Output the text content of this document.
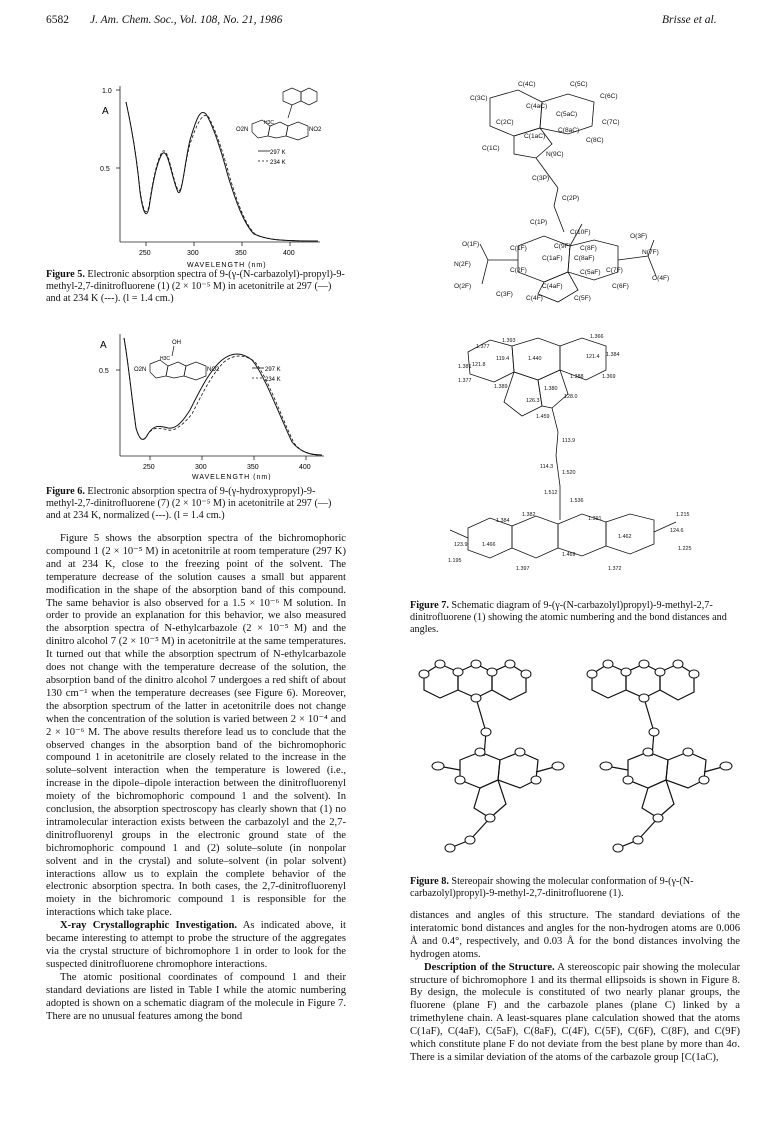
6582 J. Am. Chem. Soc., Vol. 108, No. 21, 1986	Brisse et al.
1.0
A
0.5
250	300	350	400
WAVELENGTH (nm)
297 K
234 K
O2N	NO2
H3C
Figure 5. Electronic absorption spectra of 9-(γ-(N-carbazolyl)-propyl)-9-methyl-2,7-dinitrofluorene (1) (2 × 10⁻⁵ M) in acetonitrile at 297 (—) and at 234 K (---). (l = 1.4 cm.)
A
0.5
250	300	350	400
WAVELENGTH (nm)
297 K
234 K
OH
O2N	NO2
H3C
Figure 6. Electronic absorption spectra of 9-(γ-hydroxypropyl)-9-methyl-2,7-dinitrofluorene (7) (2 × 10⁻⁵ M) in acetonitrile at 297 (—) and at 234 K, normalized (---). (l = 1.4 cm.)

Figure 5 shows the absorption spectra of the bichromophoric compound 1 (2 × 10⁻⁵ M) in acetonitrile at room temperature (297 K) and at 234 K, close to the freezing point of the solvent. The temperature decrease of the solution causes a small but apparent modification in the shape of the absorption band of this compound. The same behavior is also observed for a 1.5 × 10⁻⁶ M solution. In order to provide an explanation for this behavior, we also measured the absorption spectra of N-ethylcarbazole (2 × 10⁻⁵ M) and the dinitro alcohol 7 (2 × 10⁻⁵ M) in acetonitrile at the same temperatures. It turned out that while the absorption spectrum of N-ethylcarbazole does not change with the temperature decrease of the solution, the absorption band of the dinitro alcohol 7 undergoes a red shift of about 130 cm⁻¹ when the temperature decreases (see Figure 6). Moreover, the absorption spectrum of the latter in acetonitrile does not change when the concentration of the solution is varied between 2 × 10⁻⁴ and 2 × 10⁻⁶ M. The above results therefore lead us to conclude that the observed changes in the absorption band of the bichromophoric compound 1 in acetonitrile are closely related to the increase in the solute–solvent interaction when the temperature is lowered (i.e., increase in the dipole–dipole interaction between the dinitrofluorenyl moiety of the bichromophoric compound 1 and the solvent). In conclusion, the absorption spectroscopy has clearly shown that (1) no intramolecular interaction exists between the carbazolyl and the 2,7-dinitrofluorenyl groups in the electronic ground state of the bichromophoric compound 1 and (2) solute–solute (in nonpolar solvent and in the crystal) and solute–solvent (in polar solvent) interactions allow us to explain the complete behavior of the electronic absorption spectra. In both cases, the 2,7-dinitrofluorenyl moiety in the bichromoric compound 1 is responsible for the interactions which take place.

X-ray Crystallographic Investigation. As indicated above, it became interesting to attempt to probe the structure of the aggregates via the crystal structure of bichromophore 1 in order to look for the suspected dinitrofluorene chromophore interactions.

The atomic positional coordinates of compound 1 and their standard deviations are listed in Table I while the atomic numbering adopted is shown on a schematic diagram of the molecule in Figure 7. There are no unusual features among the bond

C(4C)	C(5C)
C(3C)
C(4aC)
C(6C)
C(5aC)
C(2C)
C(8aC)
C(7C)
C(1aC)
C(8C)
C(1C)
N(9C)
C(3P)
C(2P)
C(1P)
C(10F)
O(3F)
O(1F)
C(1F)	C(9F) C(8F)
N(2F)
C(1aF) C(8aF)
N(7F)
C(2F)	C(7F)
O(4F)
C(5aF)
O(2F)	C(4aF)	C(6F)
C(3F)
C(4F)	C(5F)
1.377
1.366
1.381
1.440
1.393
1.384
121.8
119.4	121.4
1.377
1.389
1.369
1.388
1.380
126.3
128.0
1.459
113.9
114.3
1.520
1.512
1.536
1.384
1.462
1.382
1.391
1.466
1.469
1.372
1.397
123.9
124.6
1.215
1.195
1.225
Figure 7. Schematic diagram of 9-(γ-(N-carbazolyl)propyl)-9-methyl-2,7-dinitrofluorene (1) showing the atomic numbering and the bond distances and angles.
Figure 8. Stereopair showing the molecular conformation of 9-(γ-(N-carbazolyl)propyl)-9-methyl-2,7-dinitrofluorene (1).

distances and angles of this structure. The standard deviations of the interatomic bond distances and angles for the non-hydrogen atoms are 0.006 Å and 0.4°, respectively, and 0.03 Å for the bond distances involving the hydrogen atoms.

Description of the Structure. A stereoscopic pair showing the molecular structure of bichromophore 1 and its thermal ellipsoids is shown in Figure 8. By design, the molecule is constituted of two nearly planar groups, the fluorene (plane F) and the carbazole planes (plane C) linked by a trimethylene chain. A least-squares plane calculation showed that the atoms C(1aF), C(4aF), C(5aF), C(8aF), C(4F), C(5F), C(6F), C(8F), and C(9F) which constitute plane F do not deviate from the best plane by more than 4σ. There is a similar deviation of the atoms of the carbazole group [C(1aC),
